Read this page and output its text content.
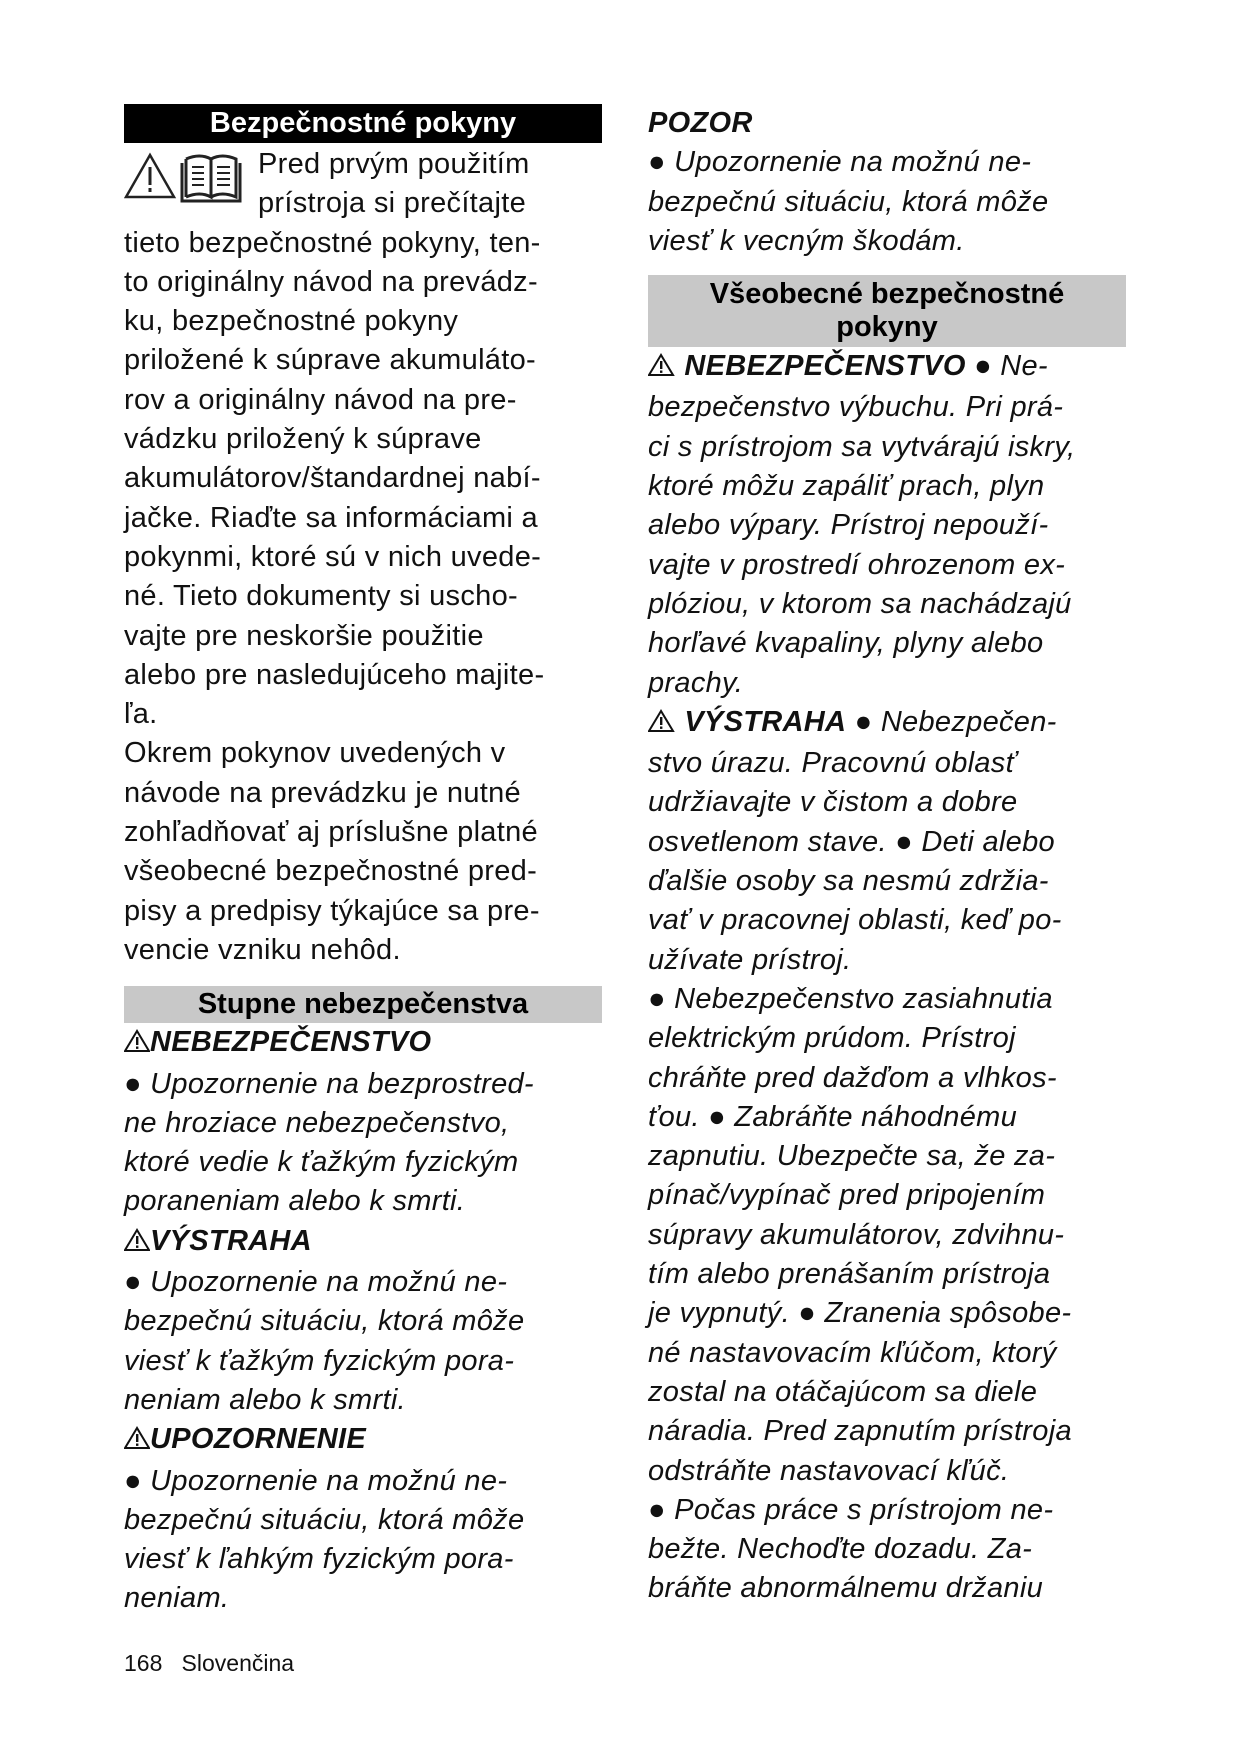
Bezpečnostné pokyny
Pred prvým použitím
prístroja si prečítajte
tieto bezpečnostné pokyny, ten-
to originálny návod na prevádz-
ku, bezpečnostné pokyny
priložené k súprave akumuláto-
rov a originálny návod na pre-
vádzku priložený k súprave
akumulátorov/štandardnej nabí-
jačke. Riaďte sa informáciami a
pokynmi, ktoré sú v nich uvede-
né. Tieto dokumenty si uscho-
vajte pre neskoršie použitie
alebo pre nasledujúceho majite-
ľa.
Okrem pokynov uvedených v
návode na prevádzku je nutné
zohľadňovať aj príslušne platné
všeobecné bezpečnostné pred-
pisy a predpisy týkajúce sa pre-
vencie vzniku nehôd.
Stupne nebezpečenstva
NEBEZPEČENSTVO
● Upozornenie na bezprostred-
ne hroziace nebezpečenstvo,
ktoré vedie k ťažkým fyzickým
poraneniam alebo k smrti.
VÝSTRAHA
● Upozornenie na možnú ne-
bezpečnú situáciu, ktorá môže
viesť k ťažkým fyzickým pora-
neniam alebo k smrti.
UPOZORNENIE
● Upozornenie na možnú ne-
bezpečnú situáciu, ktorá môže
viesť k ľahkým fyzickým pora-
neniam.
POZOR
● Upozornenie na možnú ne-
bezpečnú situáciu, ktorá môže
viesť k vecným škodám.
Všeobecné bezpečnostné
pokyny
NEBEZPEČENSTVO ● Ne-
bezpečenstvo výbuchu. Pri prá-
ci s prístrojom sa vytvárajú iskry,
ktoré môžu zapáliť prach, plyn
alebo výpary. Prístroj nepouží-
vajte v prostredí ohrozenom ex-
plóziou, v ktorom sa nachádzajú
horľavé kvapaliny, plyny alebo
prachy.
VÝSTRAHA ● Nebezpečen-
stvo úrazu. Pracovnú oblasť
udržiavajte v čistom a dobre
osvetlenom stave. ● Deti alebo
ďalšie osoby sa nesmú zdržia-
vať v pracovnej oblasti, keď po-
užívate prístroj.
● Nebezpečenstvo zasiahnutia
elektrickým prúdom. Prístroj
chráňte pred dažďom a vlhkos-
ťou. ● Zabráňte náhodnému
zapnutiu. Ubezpečte sa, že za-
pínač/vypínač pred pripojením
súpravy akumulátorov, zdvihnu-
tím alebo prenášaním prístroja
je vypnutý. ● Zranenia spôsobe-
né nastavovacím kľúčom, ktorý
zostal na otáčajúcom sa diele
náradia. Pred zapnutím prístroja
odstráňte nastavovací kľúč.
● Počas práce s prístrojom ne-
bežte. Nechoďte dozadu. Za-
bráňte abnormálnemu držaniu
168 Slovenčina
